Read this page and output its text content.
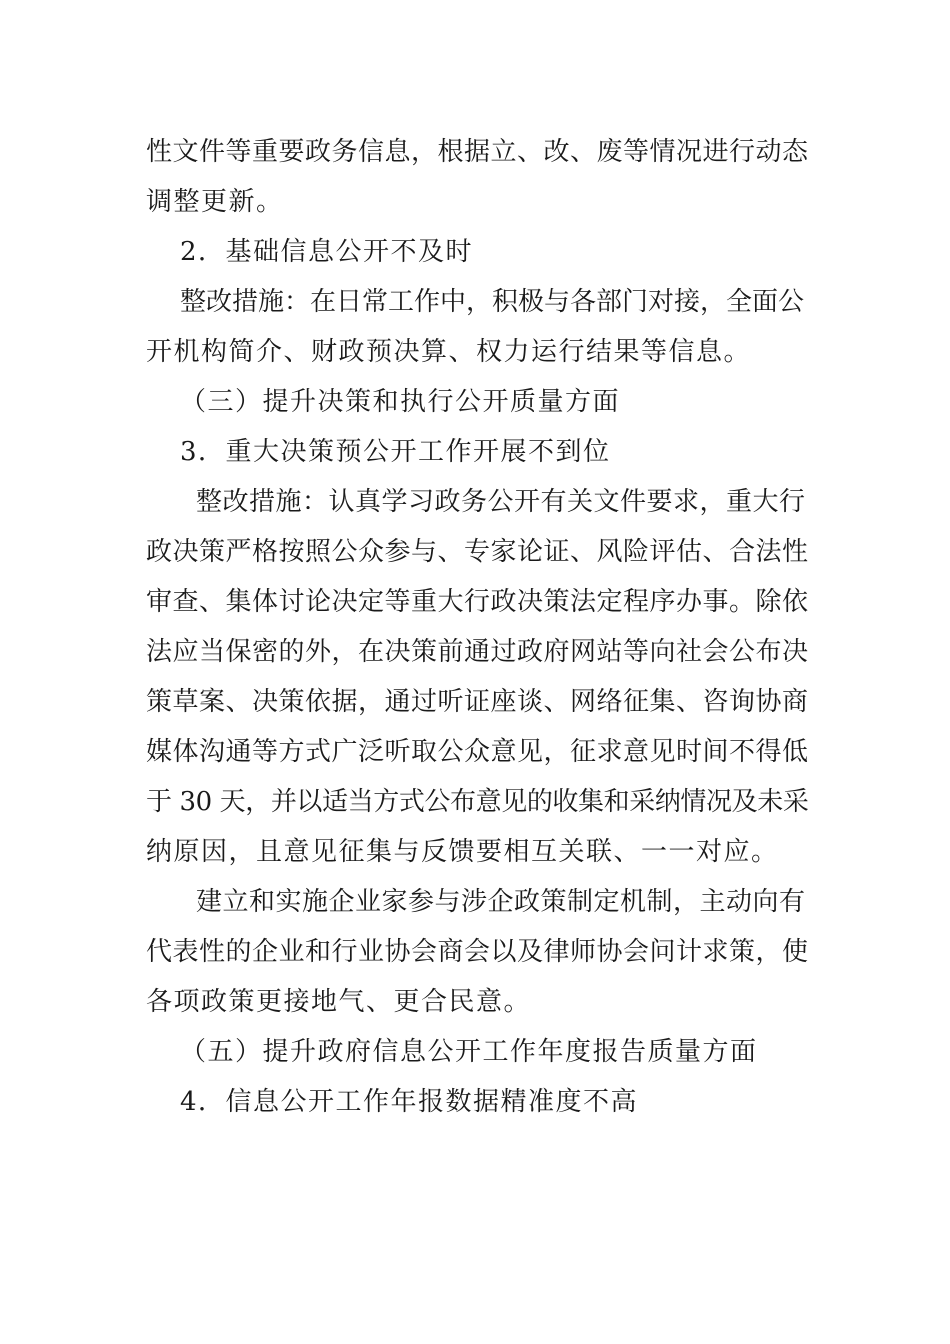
性文件等重要政务信息，根据立、改、废等情况进行动态
调整更新。
2．基础信息公开不及时
整改措施：在日常工作中，积极与各部门对接，全面公
开机构简介、财政预决算、权力运行结果等信息。
（三）提升决策和执行公开质量方面
3．重大决策预公开工作开展不到位
整改措施：认真学习政务公开有关文件要求，重大行
政决策严格按照公众参与、专家论证、风险评估、合法性
审查、集体讨论决定等重大行政决策法定程序办事。除依
法应当保密的外，在决策前通过政府网站等向社会公布决
策草案、决策依据，通过听证座谈、网络征集、咨询协商
媒体沟通等方式广泛听取公众意见，征求意见时间不得低
于 30 天，并以适当方式公布意见的收集和采纳情况及未采
纳原因，且意见征集与反馈要相互关联、一一对应。
建立和实施企业家参与涉企政策制定机制，主动向有
代表性的企业和行业协会商会以及律师协会问计求策，使
各项政策更接地气、更合民意。
（五）提升政府信息公开工作年度报告质量方面
4．信息公开工作年报数据精准度不高
